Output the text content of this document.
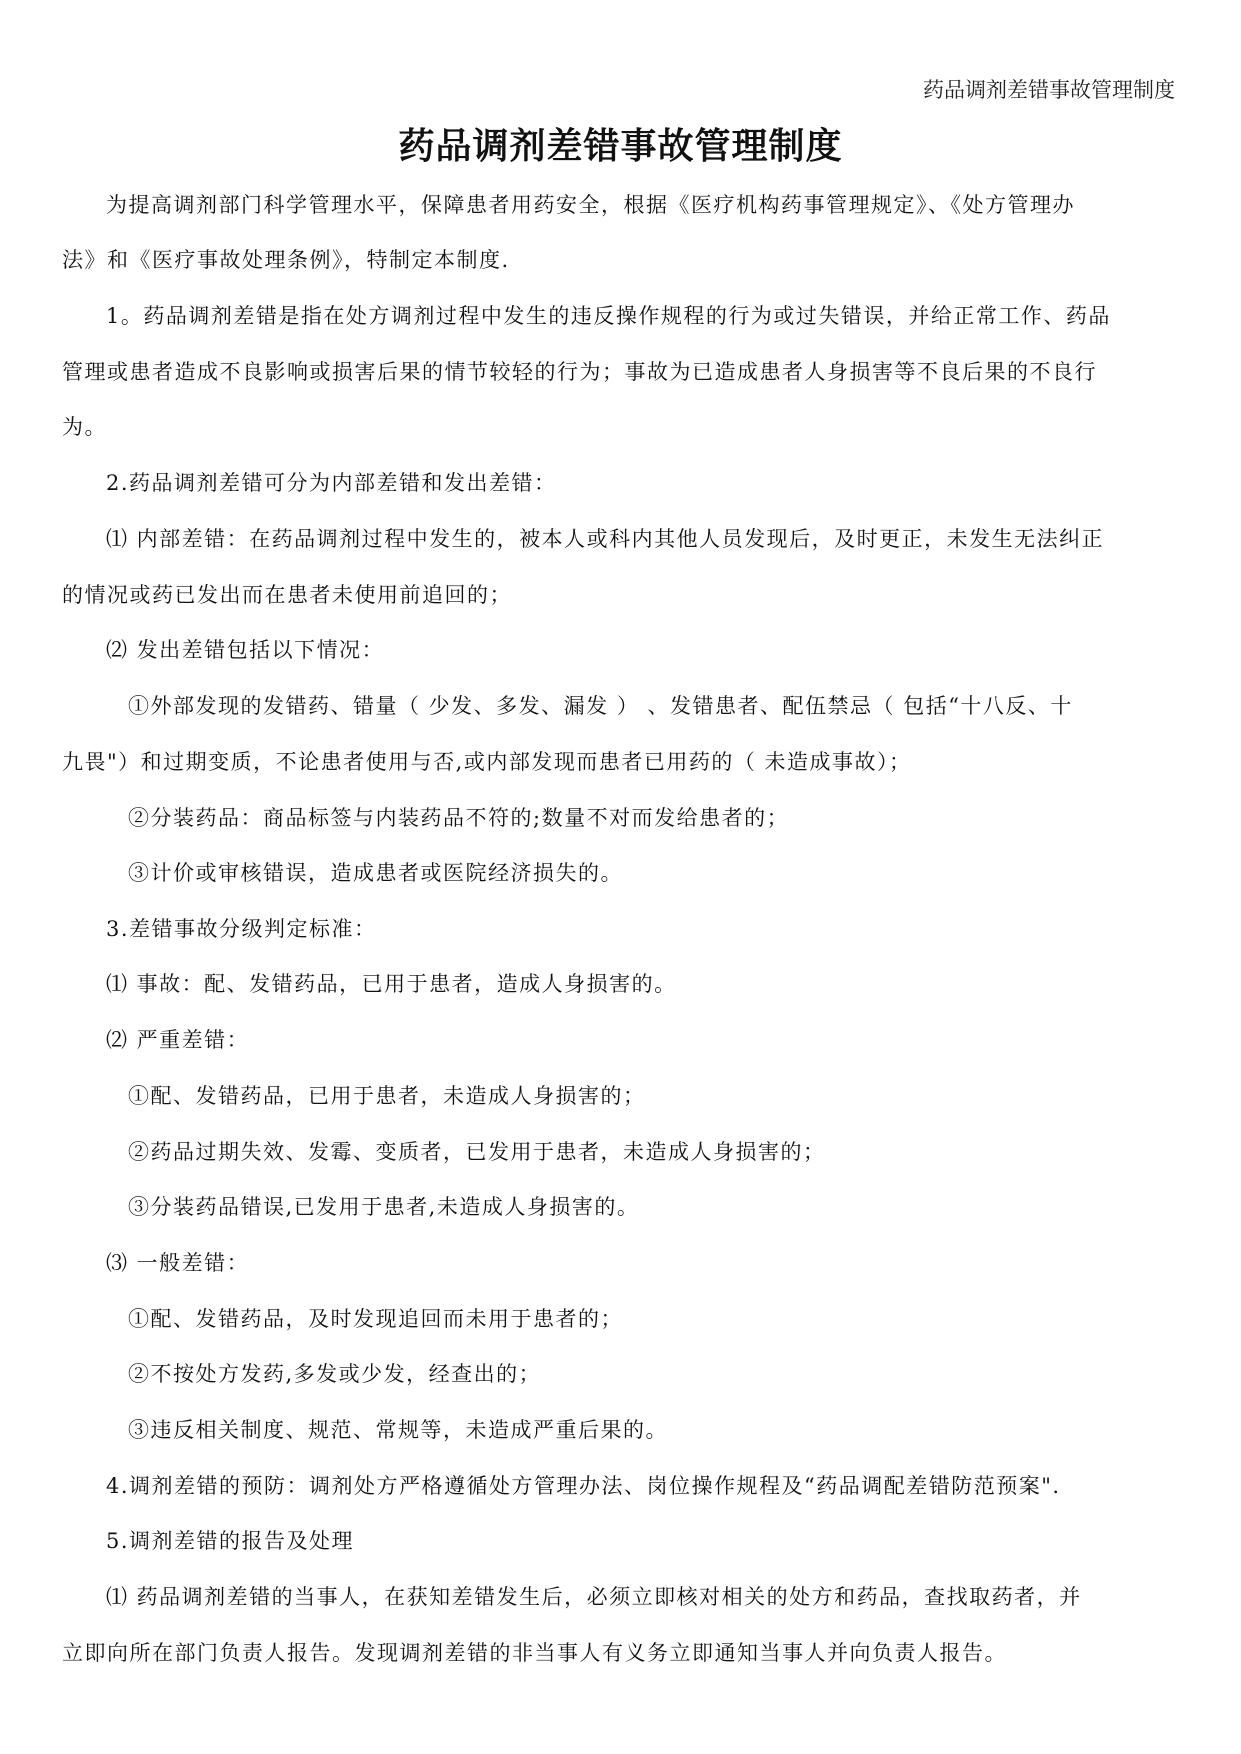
药品调剂差错事故管理制度
药品调剂差错事故管理制度
为提高调剂部门科学管理水平，保障患者用药安全，根据《医疗机构药事管理规定》、《处方管理办
法》和《医疗事故处理条例》，特制定本制度.
1。药品调剂差错是指在处方调剂过程中发生的违反操作规程的行为或过失错误，并给正常工作、药品
管理或患者造成不良影响或损害后果的情节较轻的行为；事故为已造成患者人身损害等不良后果的不良行
为。
2.药品调剂差错可分为内部差错和发出差错：
⑴ 内部差错：在药品调剂过程中发生的，被本人或科内其他人员发现后，及时更正，未发生无法纠正
的情况或药已发出而在患者未使用前追回的；
⑵ 发出差错包括以下情况：
①外部发现的发错药、错量（ 少发、多发、漏发 ） 、发错患者、配伍禁忌（ 包括“十八反、十
九畏"）和过期变质，不论患者使用与否,或内部发现而患者已用药的（ 未造成事故）；
②分装药品：商品标签与内装药品不符的;数量不对而发给患者的；
③计价或审核错误，造成患者或医院经济损失的。
3.差错事故分级判定标准：
⑴ 事故：配、发错药品，已用于患者，造成人身损害的。
⑵ 严重差错：
①配、发错药品，已用于患者，未造成人身损害的；
②药品过期失效、发霉、变质者，已发用于患者，未造成人身损害的；
③分装药品错误,已发用于患者,未造成人身损害的。
⑶ 一般差错：
①配、发错药品，及时发现追回而未用于患者的；
②不按处方发药,多发或少发，经查出的；
③违反相关制度、规范、常规等，未造成严重后果的。
4.调剂差错的预防：调剂处方严格遵循处方管理办法、岗位操作规程及“药品调配差错防范预案".
5.调剂差错的报告及处理
⑴ 药品调剂差错的当事人，在获知差错发生后，必须立即核对相关的处方和药品，查找取药者，并
立即向所在部门负责人报告。发现调剂差错的非当事人有义务立即通知当事人并向负责人报告。
